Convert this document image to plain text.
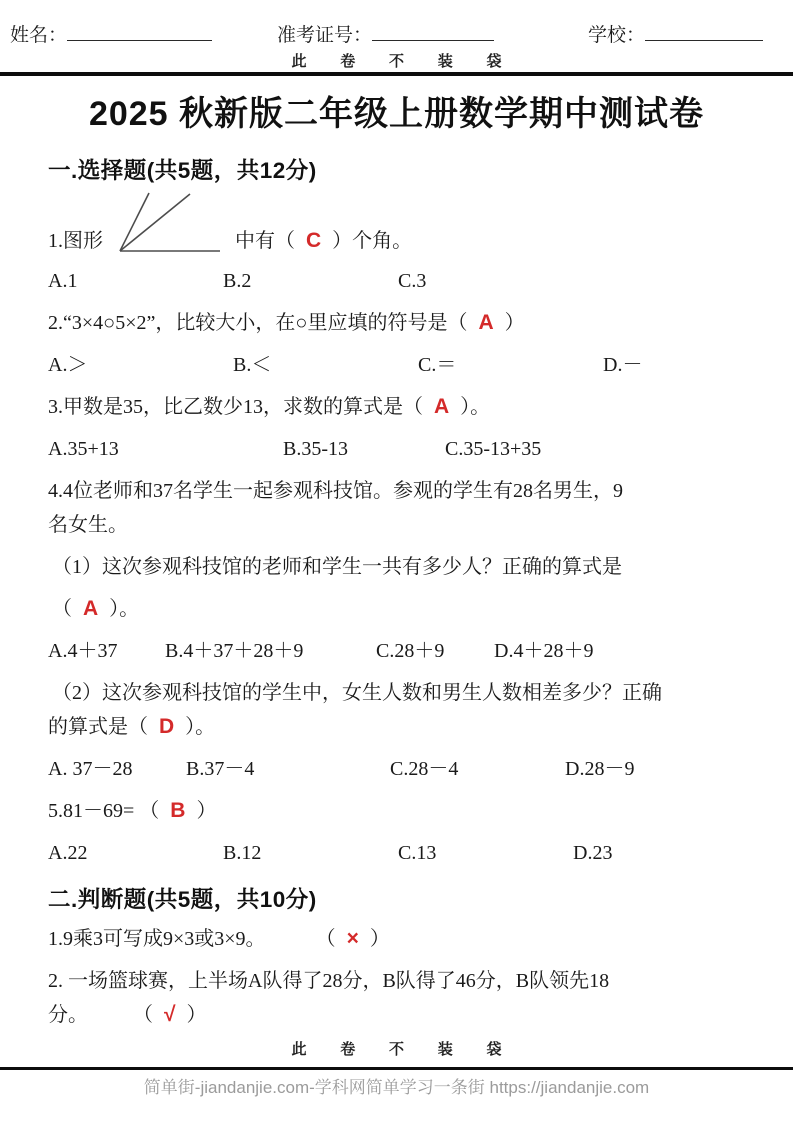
姓名：	准考证号：	学校：
此 卷 不 装 袋
2025 秋新版二年级上册数学期中测试卷
一.选择题(共5题，共12分)
1.图形	中有（ C ）个角。
A.1	B.2	C.3
2.“3×4○5×2”，比较大小，在○里应填的符号是（ A ）
A.＞	B.＜	C.＝	D.－
3.甲数是35，比乙数少13，求数的算式是（ A ）。
A.35+13	B.35-13	C.35-13+35
4.4位老师和37名学生一起参观科技馆。参观的学生有28名男生，9
名女生。
（1）这次参观科技馆的老师和学生一共有多少人？正确的算式是
（ A ）。
A.4＋37 B.4＋37＋28＋9	C.28＋9 D.4＋28＋9
（2）这次参观科技馆的学生中，女生人数和男生人数相差多少？正确
的算式是（ D ）。
A. 37－28	B.37－4	C.28－4	D.28－9
5.81－69= （ B ）
A.22	B.12	C.13	D.23
二.判断题(共5题，共10分)
1.9乘3可写成9×3或3×9。	（ × ）
2. 一场篮球赛，上半场A队得了28分，B队得了46分，B队领先18
分。	（ √ ）
此 卷 不 装 袋
简单街-jiandanjie.com-学科网简单学习一条街 https://jiandanjie.com
